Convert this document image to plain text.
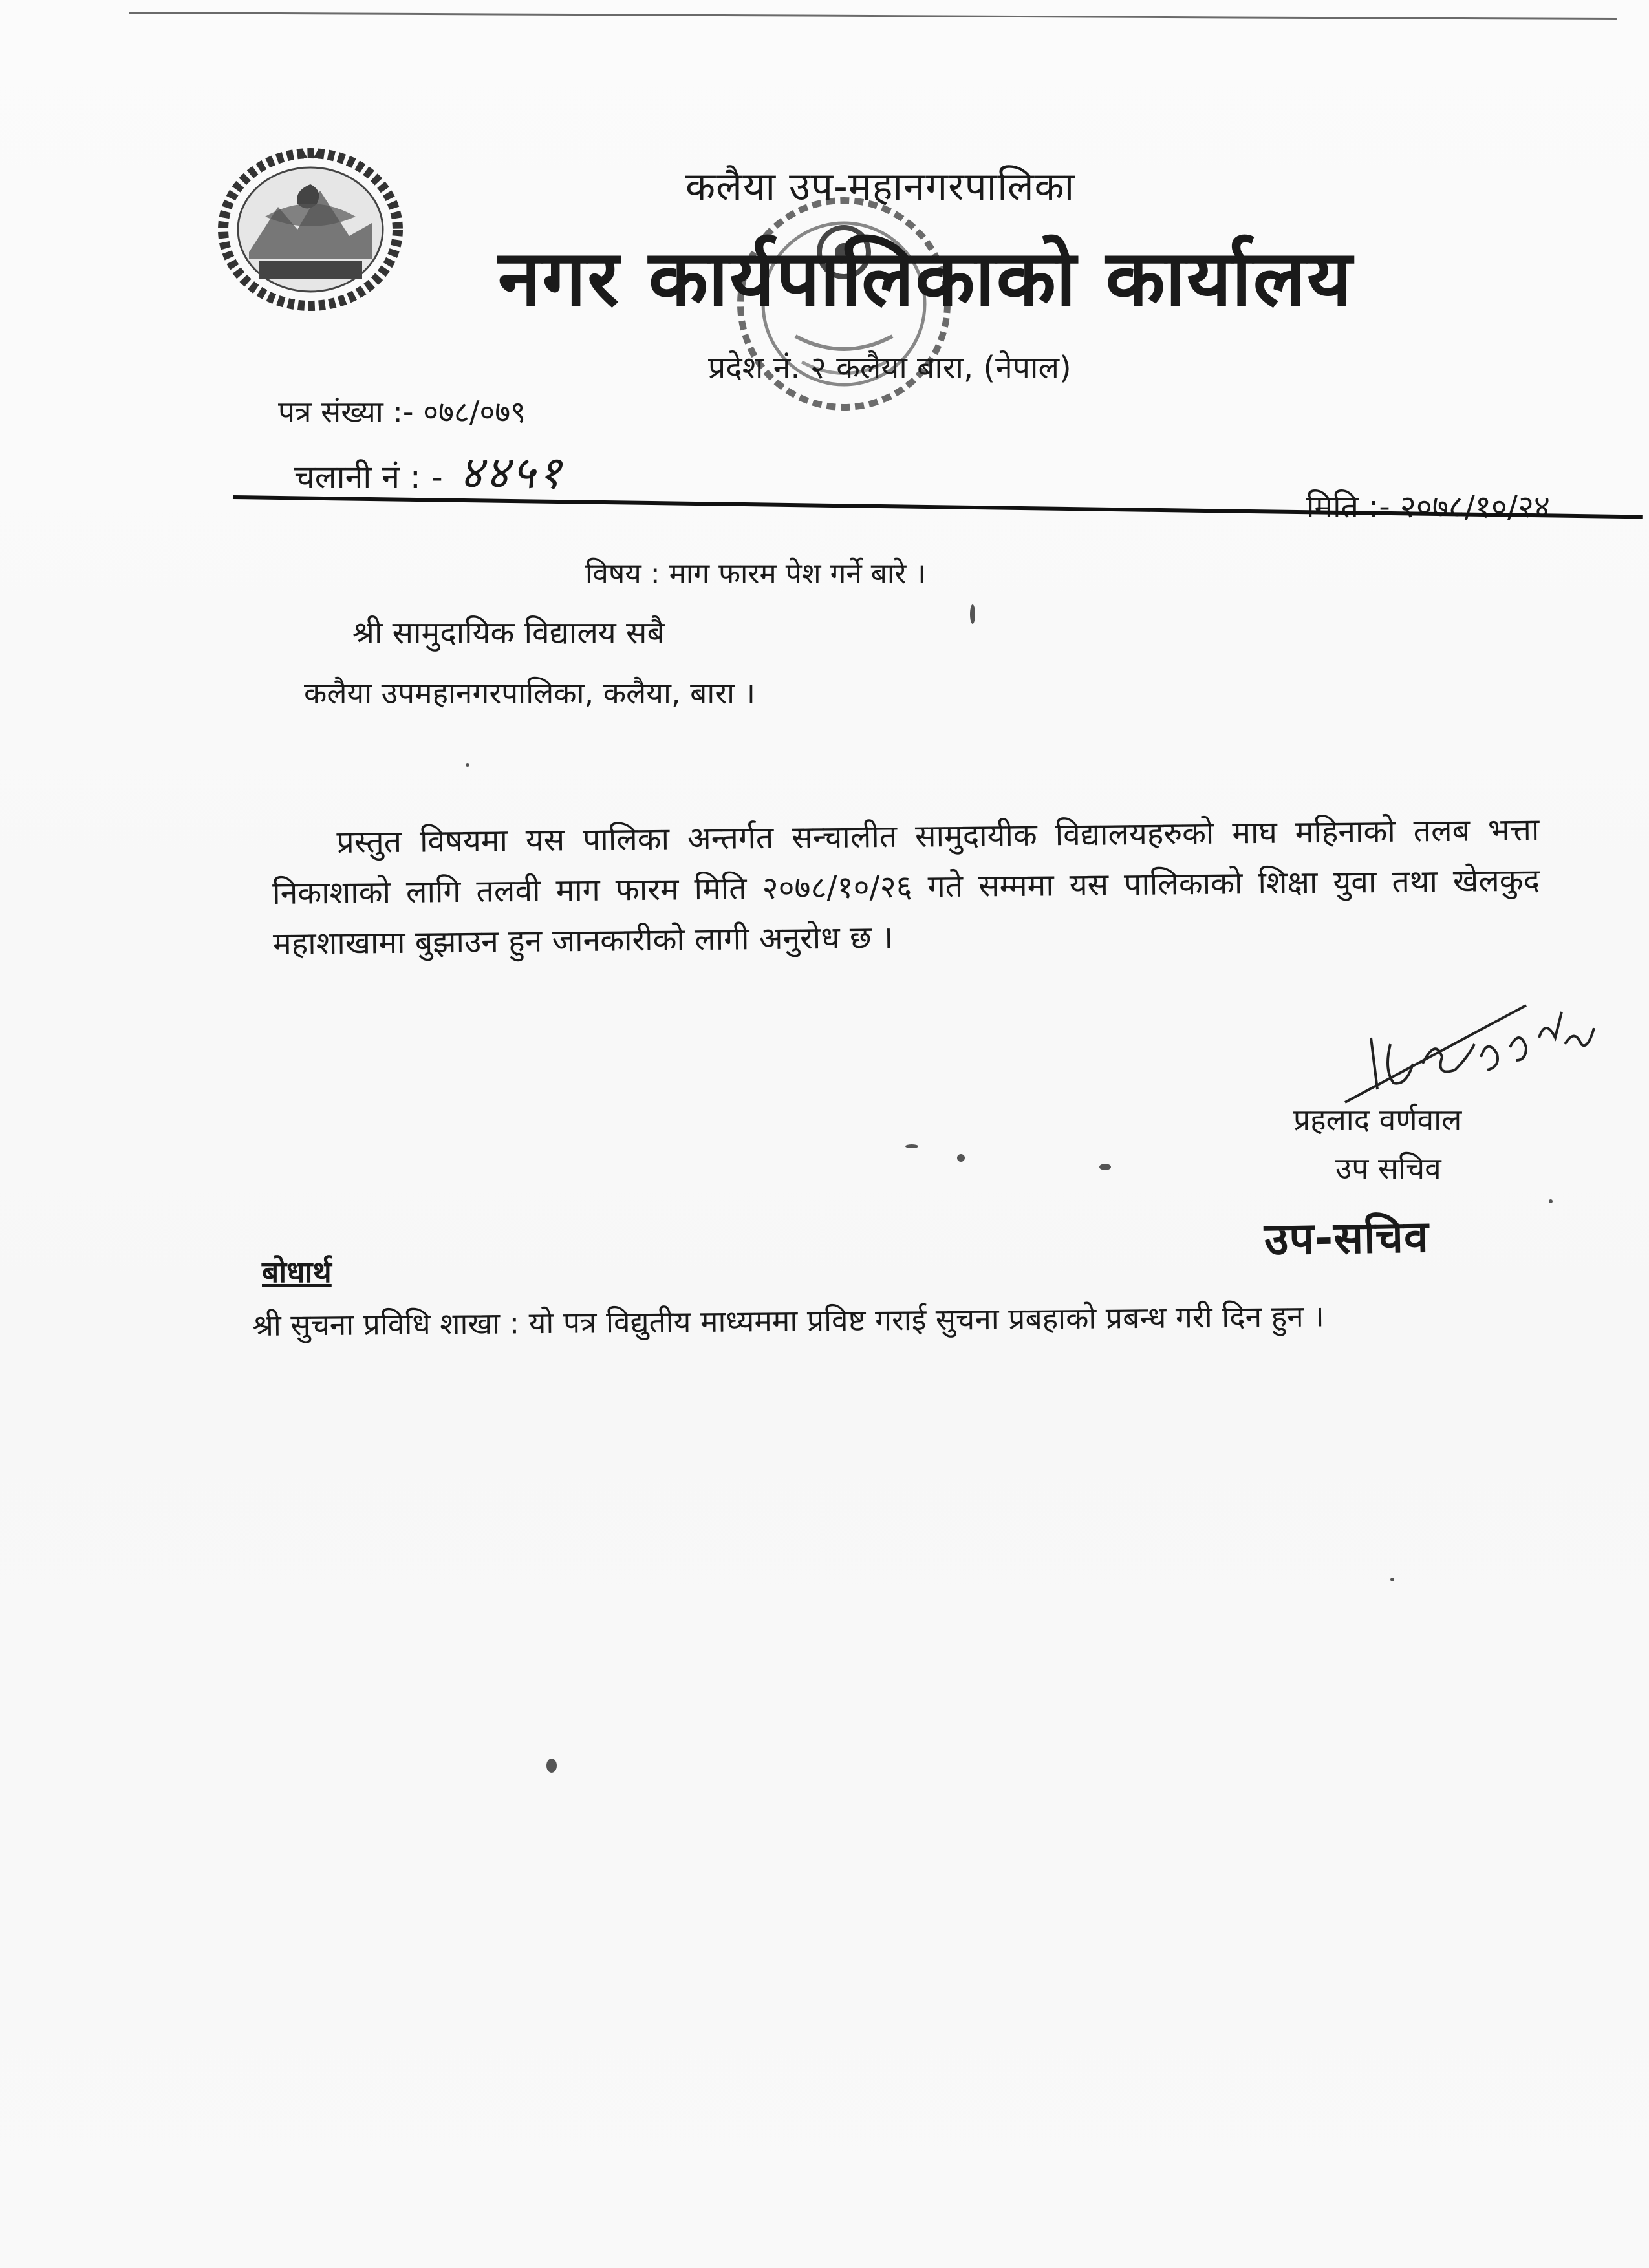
कलैया उप-महानगरपालिका
नगर कार्यपालिकाको कार्यालय
प्रदेश नं. २ कलैया बारा, (नेपाल)
पत्र संख्या :- ०७८/०७९
चलानी नं : - ४४५१
मिति :- २०७८/१०/२४
विषय : माग फारम पेश गर्ने बारे ।
श्री सामुदायिक विद्यालय सबै
कलैया उपमहानगरपालिका, कलैया, बारा ।
प्रस्तुत विषयमा यस पालिका अन्तर्गत सन्चालीत सामुदायीक विद्यालयहरुको माघ महिनाको तलब भत्ता निकाशाको लागि तलवी माग फारम मिति २०७८/१०/२६ गते सम्ममा यस पालिकाको शिक्षा युवा तथा खेलकुद महाशाखामा बुझाउन हुन जानकारीको लागी अनुरोध छ ।
प्रहलाद वर्णवाल
उप सचिव
उप-सचिव
बोधार्थ
श्री सुचना प्रविधि शाखा : यो पत्र विद्युतीय माध्यममा प्रविष्ट गराई सुचना प्रबहाको प्रबन्ध गरी दिन हुन ।
